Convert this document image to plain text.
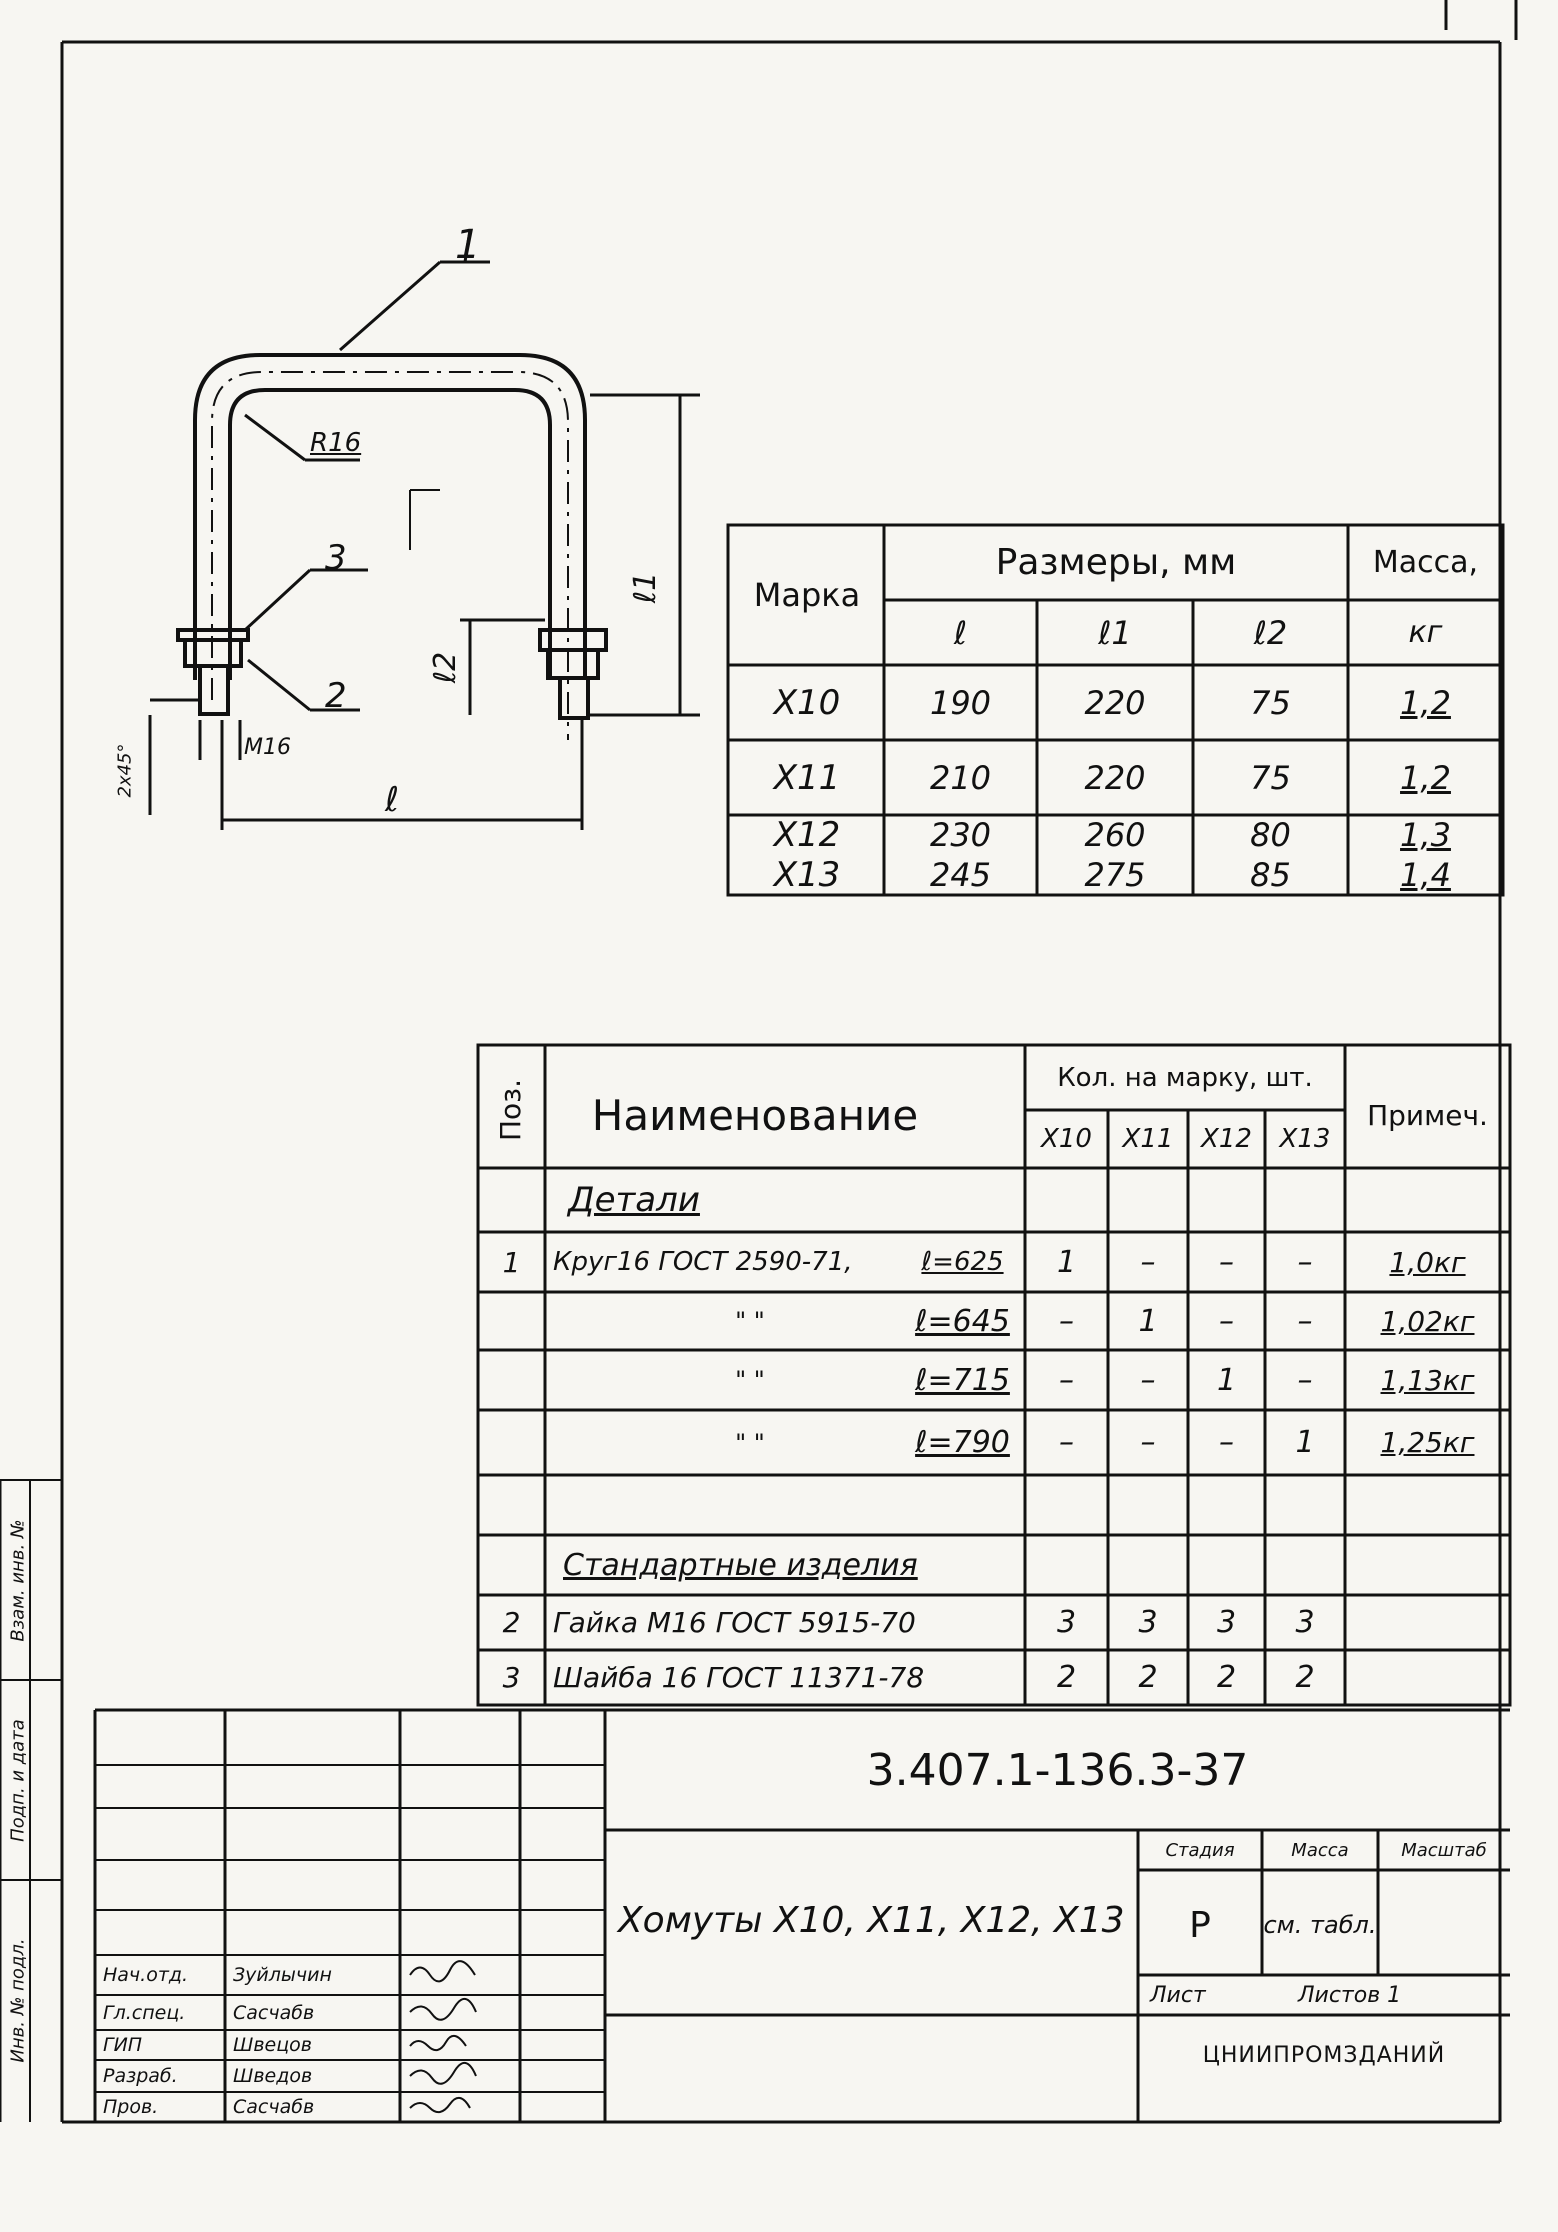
Взам. инв. №
Подп. и дата
Инв. № подл.
1
3
2
R16
M16
2x45°
ℓ1
ℓ2
ℓ
Марка
Размеры, мм	Масса,
ℓ	ℓ1	ℓ2	кг
Х10	190	220	75	1,2
Х11	210	220	75	1,2
Х12	230	260	80	1,3
Х13	245	275	85	1,4
Поз.	Наименование
Кол. на марку, шт.
Х10	Х11	Х12	Х13
Примеч.
Детали
1	Круг16 ГОСТ 2590-71,	ℓ=625	1	–	–	–	1,0кг
" "	ℓ=645	–	1	–	–	1,02кг
" "	ℓ=715	–	–	1	–	1,13кг
" "	ℓ=790	–	–	–	1	1,25кг
Стандартные изделия
2	Гайка М16 ГОСТ 5915-70	3	3	3	3
3	Шайба 16 ГОСТ 11371-78	2	2	2	2
3.407.1-136.3-37
Хомуты Х10, Х11, Х12, Х13
Стадия	Масса	Масштаб
Р	см. табл.
Лист	Листов 1
ЦНИИПРОМЗДАНИЙ
Нач.отд.	Зуйлычин
Гл.спец.	Сасчабв
ГИП	Швецов
Разраб.	Шведов
Пров.	Сасчабв
